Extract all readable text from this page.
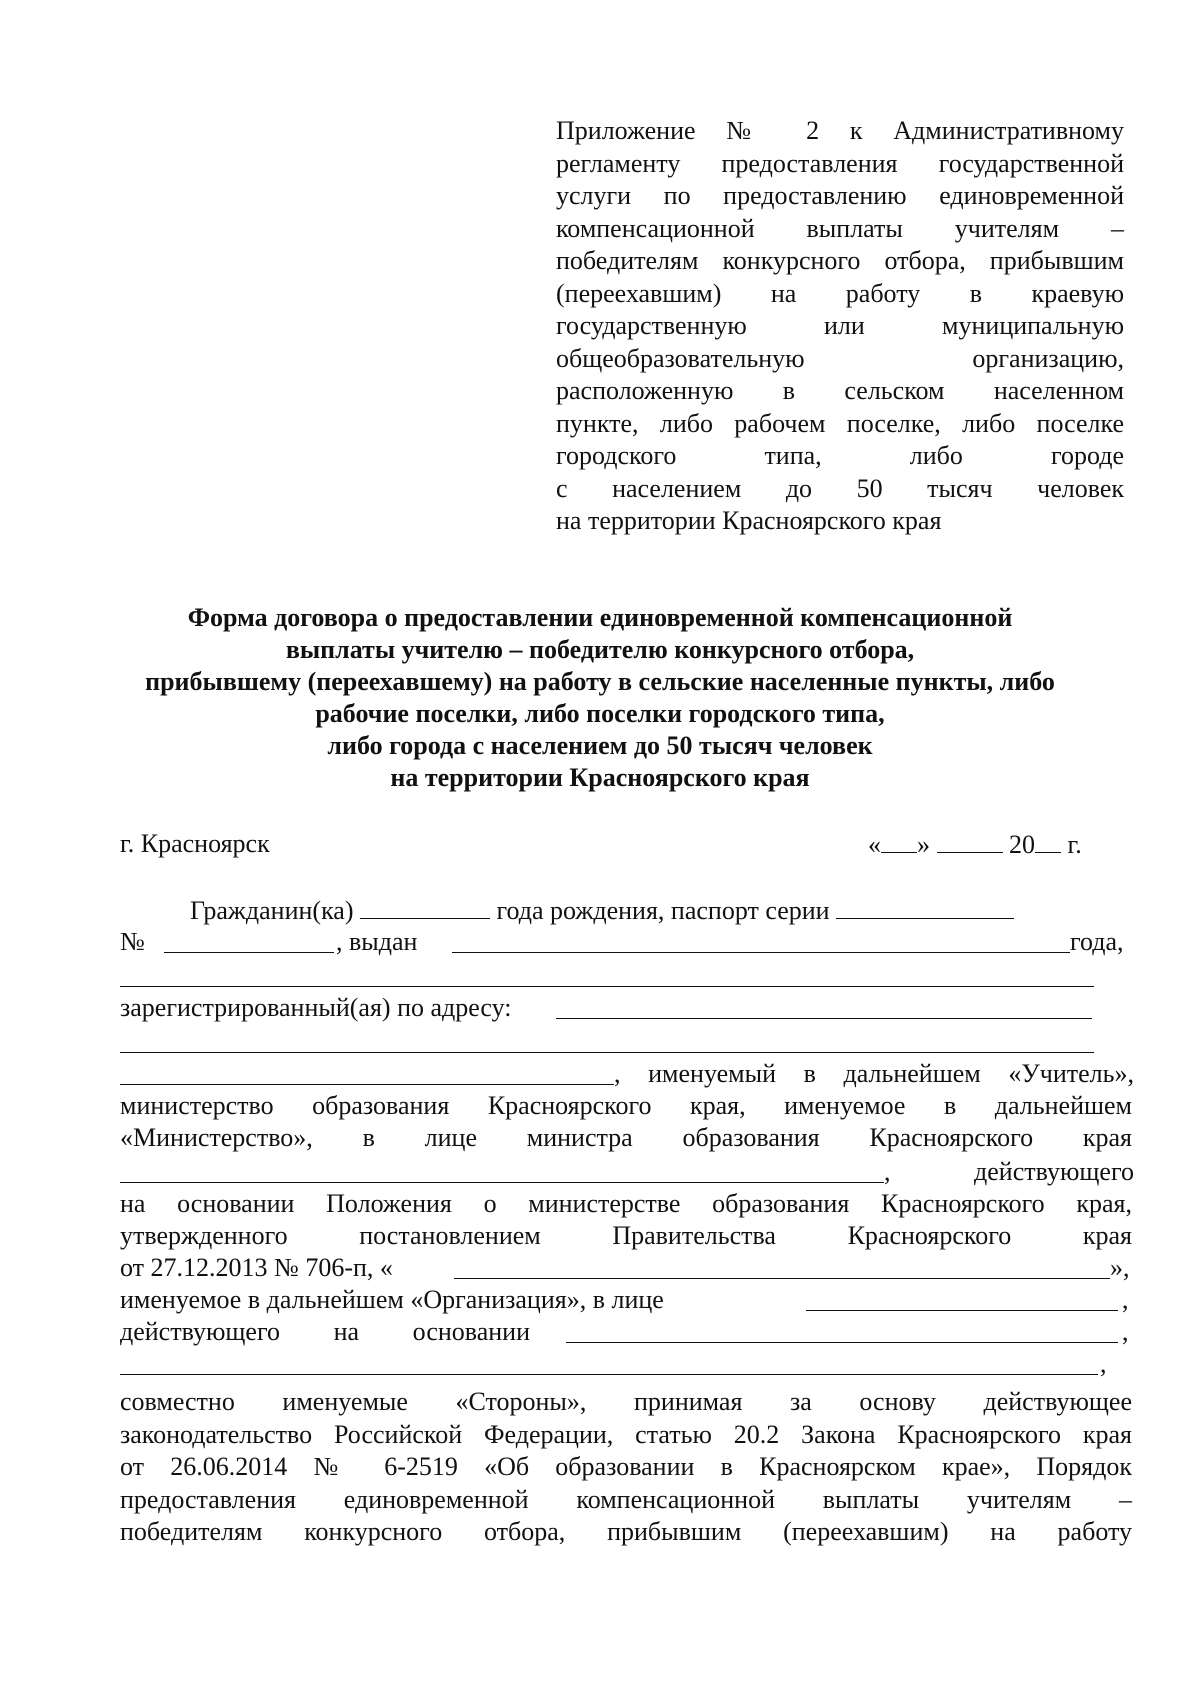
Приложение № 2 к Административному
регламенту предоставления государственной
услуги по предоставлению единовременной
компенсационной выплаты учителям –
победителям конкурсного отбора, прибывшим
(переехавшим) на работу в краевую
государственную или муниципальную
общеобразовательную организацию,
расположенную в сельском населенном
пункте, либо рабочем поселке, либо поселке
городского типа, либо городе
с населением до 50 тысяч человек
на территории Красноярского края
Форма договора о предоставлении единовременной компенсационной
выплаты учителю – победителю конкурсного отбора,
прибывшему (переехавшему) на работу в сельские населенные пункты, либо
рабочие поселки, либо поселки городского типа,
либо города с населением до 50 тысяч человек
на территории Красноярского края
г. Красноярск	« »	20 г.
Гражданин(ка)	года рождения, паспорт серии
№	, выдан	года,
зарегистрированный(ая) по адресу:
, именуемый в дальнейшем «Учитель»,
министерство образования Красноярского края, именуемое в дальнейшем
«Министерство», в лице министра образования Красноярского края
, действующего
на основании Положения о министерстве образования Красноярского края,
утвержденного постановлением Правительства Красноярского края
от 27.12.2013 № 706-п, «	»,
именуемое в дальнейшем «Организация», в лице	,
действующего на основании	,
,
совместно именуемые «Стороны», принимая за основу действующее
законодательство Российской Федерации, статью 20.2 Закона Красноярского края
от 26.06.2014 № 6-2519 «Об образовании в Красноярском крае», Порядок
предоставления единовременной компенсационной выплаты учителям –
победителям конкурсного отбора, прибывшим (переехавшим) на работу
